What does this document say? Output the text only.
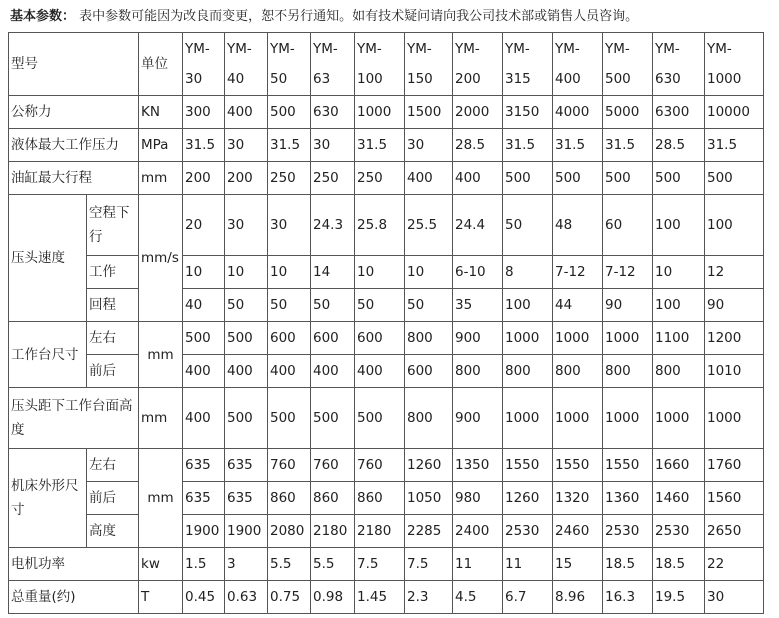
基本参数： 表中参数可能因为改良而变更，恕不另行通知。如有技术疑问请向我公司技术部或销售人员咨询。
型号		单位	YM-30	YM-40	YM-50	YM-63	YM-100	YM-150	YM-200	YM-315	YM-400	YM-500	YM-630	YM-1000
公称力		KN	300	400	500	630	1000	1500	2000	3150	4000	5000	6300	10000
液体最大工作压力		MPa	31.5	30	31.5	30	31.5	30	28.5	31.5	31.5	31.5	28.5	31.5
油缸最大行程		mm	200	200	250	250	250	400	400	500	500	500	500	500
压头速度	空程下行	mm/s	20	30	30	24.3	25.8	25.5	24.4	50	48	60	100	100
	工作		10	10	10	14	10	10	6-10	8	7-12	7-12	10	12
	回程		40	50	50	50	50	50	35	100	44	90	100	90
工作台尺寸	左右	mm	500	500	600	600	600	800	900	1000	1000	1000	1100	1200
	前后		400	400	400	400	400	600	800	800	800	800	800	1010
压头距下工作台面高度		mm	400	500	500	500	500	800	900	1000	1000	1000	1000	1000
机床外形尺寸	左右	mm	635	635	760	760	760	1260	1350	1550	1550	1550	1660	1760
	前后		635	635	860	860	860	1050	980	1260	1320	1360	1460	1560
	高度		1900	1900	2080	2180	2180	2285	2400	2530	2460	2530	2530	2650
电机功率		kw	1.5	3	5.5	5.5	7.5	7.5	11	11	15	18.5	18.5	22
总重量(约)		T	0.45	0.63	0.75	0.98	1.45	2.3	4.5	6.7	8.96	16.3	19.5	30
